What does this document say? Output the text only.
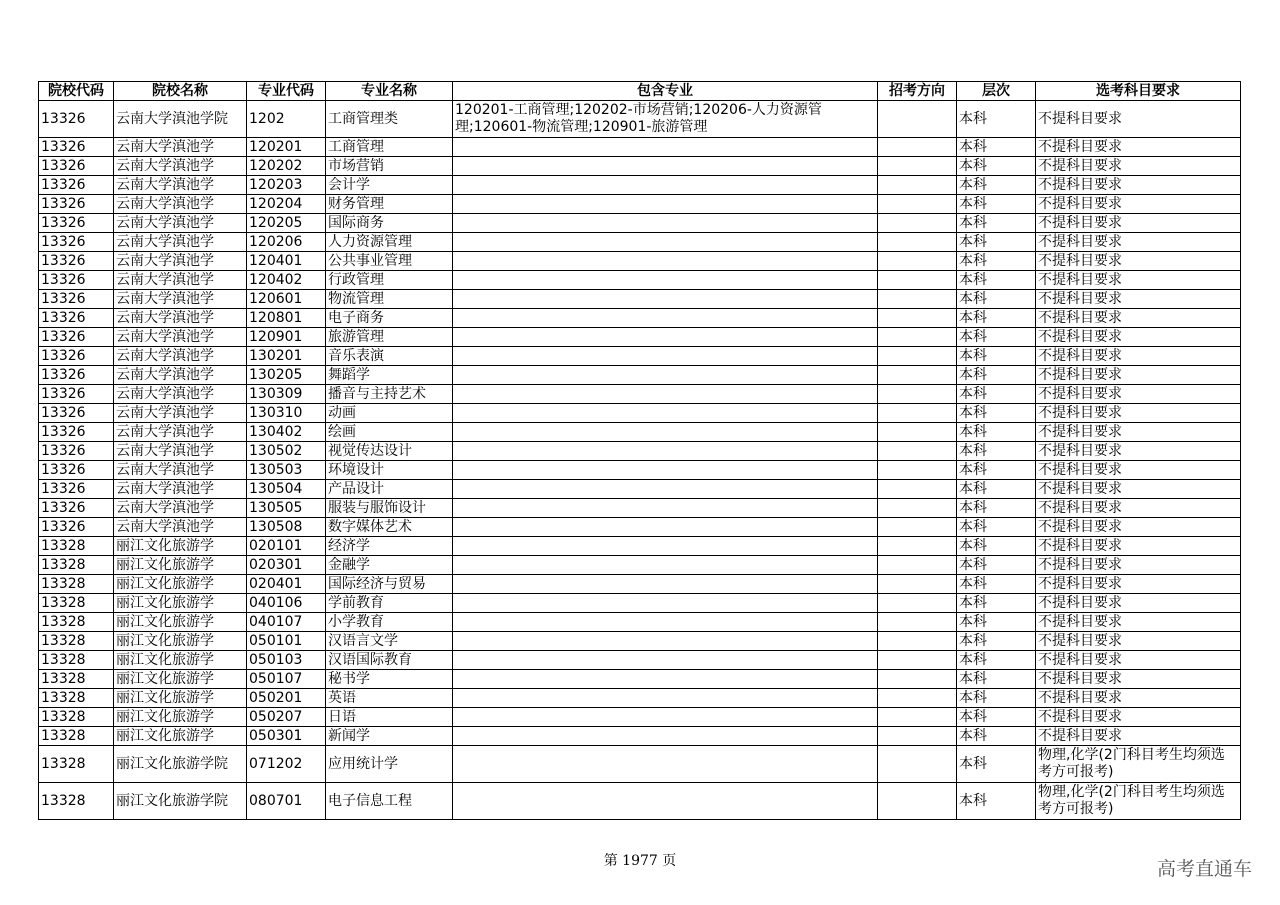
院校代码	院校名称	专业代码	专业名称	包含专业	招考方向	层次	选考科目要求
13326	云南大学滇池学院	1202	工商管理类	120201-工商管理;120202-市场营销;120206-人力资源管理;120601-物流管理;120901-旅游管理		本科	不提科目要求
13326	云南大学滇池学	120201	工商管理			本科	不提科目要求
13326	云南大学滇池学	120202	市场营销			本科	不提科目要求
13326	云南大学滇池学	120203	会计学			本科	不提科目要求
13326	云南大学滇池学	120204	财务管理			本科	不提科目要求
13326	云南大学滇池学	120205	国际商务			本科	不提科目要求
13326	云南大学滇池学	120206	人力资源管理			本科	不提科目要求
13326	云南大学滇池学	120401	公共事业管理			本科	不提科目要求
13326	云南大学滇池学	120402	行政管理			本科	不提科目要求
13326	云南大学滇池学	120601	物流管理			本科	不提科目要求
13326	云南大学滇池学	120801	电子商务			本科	不提科目要求
13326	云南大学滇池学	120901	旅游管理			本科	不提科目要求
13326	云南大学滇池学	130201	音乐表演			本科	不提科目要求
13326	云南大学滇池学	130205	舞蹈学			本科	不提科目要求
13326	云南大学滇池学	130309	播音与主持艺术			本科	不提科目要求
13326	云南大学滇池学	130310	动画			本科	不提科目要求
13326	云南大学滇池学	130402	绘画			本科	不提科目要求
13326	云南大学滇池学	130502	视觉传达设计			本科	不提科目要求
13326	云南大学滇池学	130503	环境设计			本科	不提科目要求
13326	云南大学滇池学	130504	产品设计			本科	不提科目要求
13326	云南大学滇池学	130505	服装与服饰设计			本科	不提科目要求
13326	云南大学滇池学	130508	数字媒体艺术			本科	不提科目要求
13328	丽江文化旅游学	020101	经济学			本科	不提科目要求
13328	丽江文化旅游学	020301	金融学			本科	不提科目要求
13328	丽江文化旅游学	020401	国际经济与贸易			本科	不提科目要求
13328	丽江文化旅游学	040106	学前教育			本科	不提科目要求
13328	丽江文化旅游学	040107	小学教育			本科	不提科目要求
13328	丽江文化旅游学	050101	汉语言文学			本科	不提科目要求
13328	丽江文化旅游学	050103	汉语国际教育			本科	不提科目要求
13328	丽江文化旅游学	050107	秘书学			本科	不提科目要求
13328	丽江文化旅游学	050201	英语			本科	不提科目要求
13328	丽江文化旅游学	050207	日语			本科	不提科目要求
13328	丽江文化旅游学	050301	新闻学			本科	不提科目要求
13328	丽江文化旅游学院	071202	应用统计学			本科	物理,化学(2门科目考生均须选考方可报考)
13328	丽江文化旅游学院	080701	电子信息工程			本科	物理,化学(2门科目考生均须选考方可报考)
第 1977 页	高考直通车
